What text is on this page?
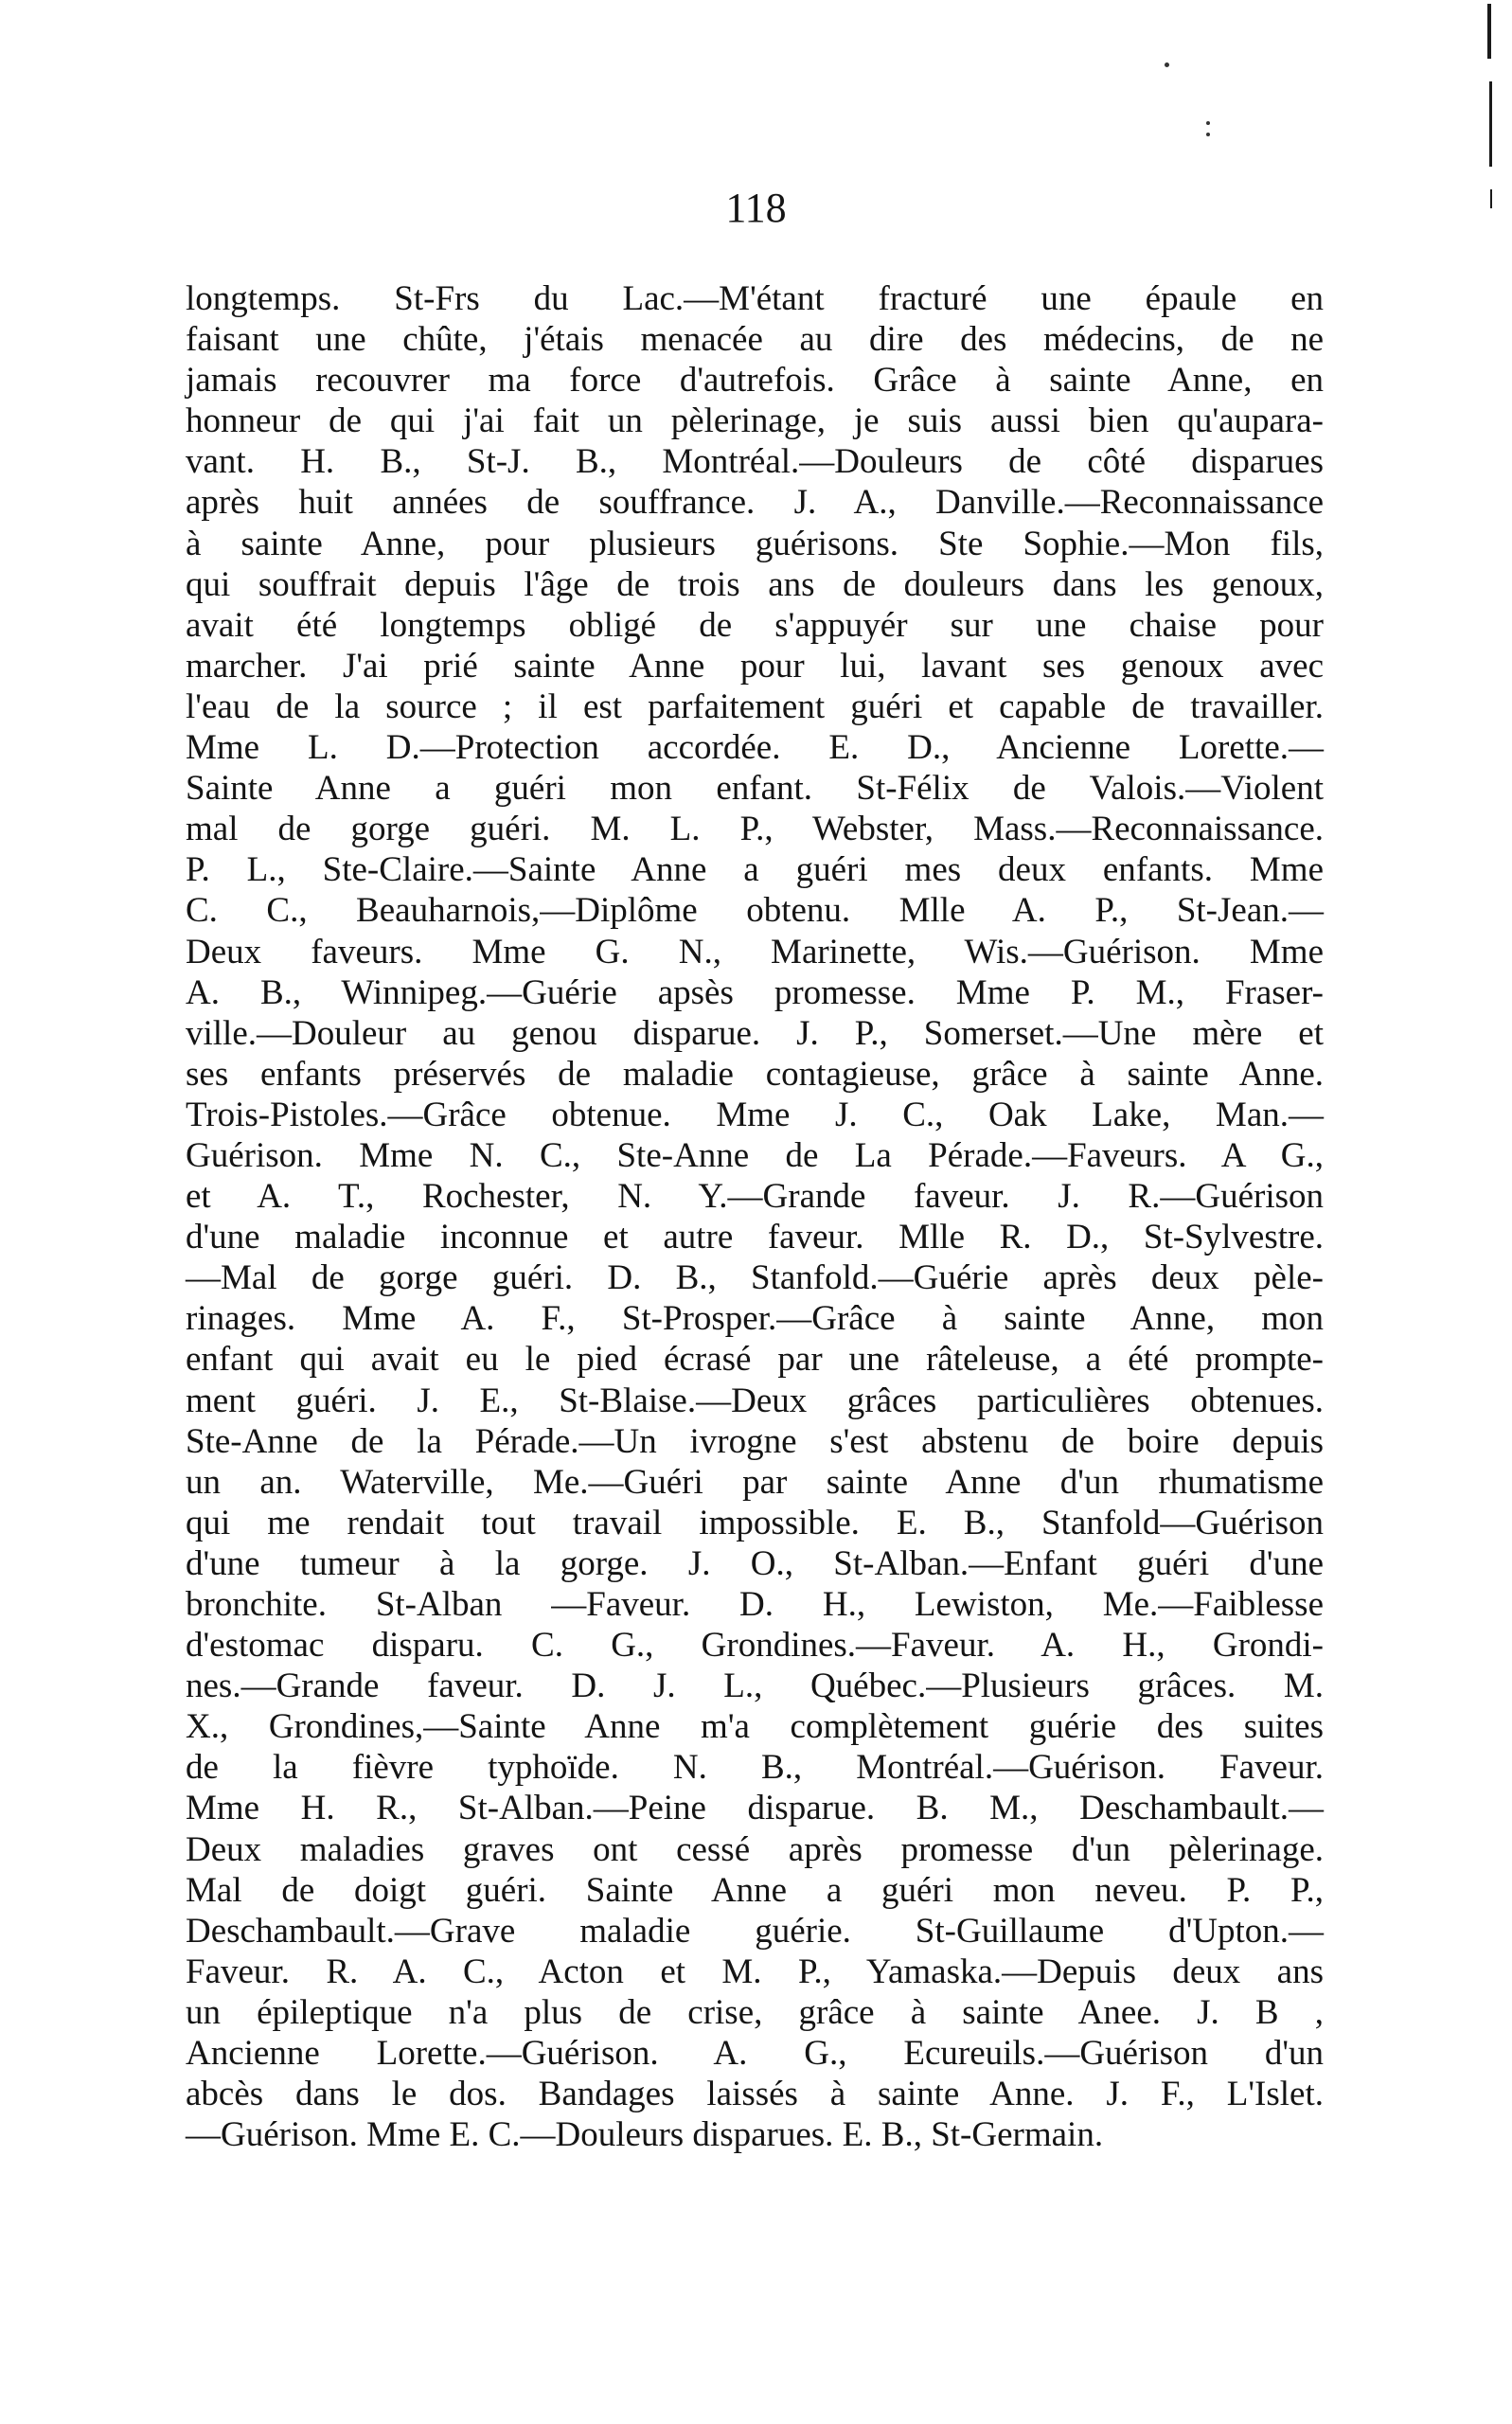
118
longtemps. St-Frs du Lac.—M'étant fracturé une épaule en
faisant une chûte, j'étais menacée au dire des médecins, de ne
jamais recouvrer ma force d'autrefois. Grâce à sainte Anne, en
honneur de qui j'ai fait un pèlerinage, je suis aussi bien qu'aupara-
vant. H. B., St-J. B., Montréal.—Douleurs de côté disparues
après huit années de souffrance. J. A., Danville.—Reconnaissance
à sainte Anne, pour plusieurs guérisons. Ste Sophie.—Mon fils,
qui souffrait depuis l'âge de trois ans de douleurs dans les genoux,
avait été longtemps obligé de s'appuyér sur une chaise pour
marcher. J'ai prié sainte Anne pour lui, lavant ses genoux avec
l'eau de la source ; il est parfaitement guéri et capable de travailler.
Mme L. D.—Protection accordée. E. D., Ancienne Lorette.—
Sainte Anne a guéri mon enfant. St-Félix de Valois.—Violent
mal de gorge guéri. M. L. P., Webster, Mass.—Reconnaissance.
P. L., Ste-Claire.—Sainte Anne a guéri mes deux enfants. Mme
C. C., Beauharnois,—Diplôme obtenu. Mlle A. P., St-Jean.—
Deux faveurs. Mme G. N., Marinette, Wis.—Guérison. Mme
A. B., Winnipeg.—Guérie apsès promesse. Mme P. M., Fraser-
ville.—Douleur au genou disparue. J. P., Somerset.—Une mère et
ses enfants préservés de maladie contagieuse, grâce à sainte Anne.
Trois-Pistoles.—Grâce obtenue. Mme J. C., Oak Lake, Man.—
Guérison. Mme N. C., Ste-Anne de La Pérade.—Faveurs. A G.,
et A. T., Rochester, N. Y.—Grande faveur. J. R.—Guérison
d'une maladie inconnue et autre faveur. Mlle R. D., St-Sylvestre.
—Mal de gorge guéri. D. B., Stanfold.—Guérie après deux pèle-
rinages. Mme A. F., St-Prosper.—Grâce à sainte Anne, mon
enfant qui avait eu le pied écrasé par une râteleuse, a été prompte-
ment guéri. J. E., St-Blaise.—Deux grâces particulières obtenues.
Ste-Anne de la Pérade.—Un ivrogne s'est abstenu de boire depuis
un an. Waterville, Me.—Guéri par sainte Anne d'un rhumatisme
qui me rendait tout travail impossible. E. B., Stanfold—Guérison
d'une tumeur à la gorge. J. O., St-Alban.—Enfant guéri d'une
bronchite. St-Alban —Faveur. D. H., Lewiston, Me.—Faiblesse
d'estomac disparu. C. G., Grondines.—Faveur. A. H., Grondi-
nes.—Grande faveur. D. J. L., Québec.—Plusieurs grâces. M.
X., Grondines,—Sainte Anne m'a complètement guérie des suites
de la fièvre typhoïde. N. B., Montréal.—Guérison. Faveur.
Mme H. R., St-Alban.—Peine disparue. B. M., Deschambault.—
Deux maladies graves ont cessé après promesse d'un pèlerinage.
Mal de doigt guéri. Sainte Anne a guéri mon neveu. P. P.,
Deschambault.—Grave maladie guérie. St-Guillaume d'Upton.—
Faveur. R. A. C., Acton et M. P., Yamaska.—Depuis deux ans
un épileptique n'a plus de crise, grâce à sainte Anee. J. B ,
Ancienne Lorette.—Guérison. A. G., Ecureuils.—Guérison d'un
abcès dans le dos. Bandages laissés à sainte Anne. J. F., L'Islet.
—Guérison. Mme E. C.—Douleurs disparues. E. B., St-Germain.
